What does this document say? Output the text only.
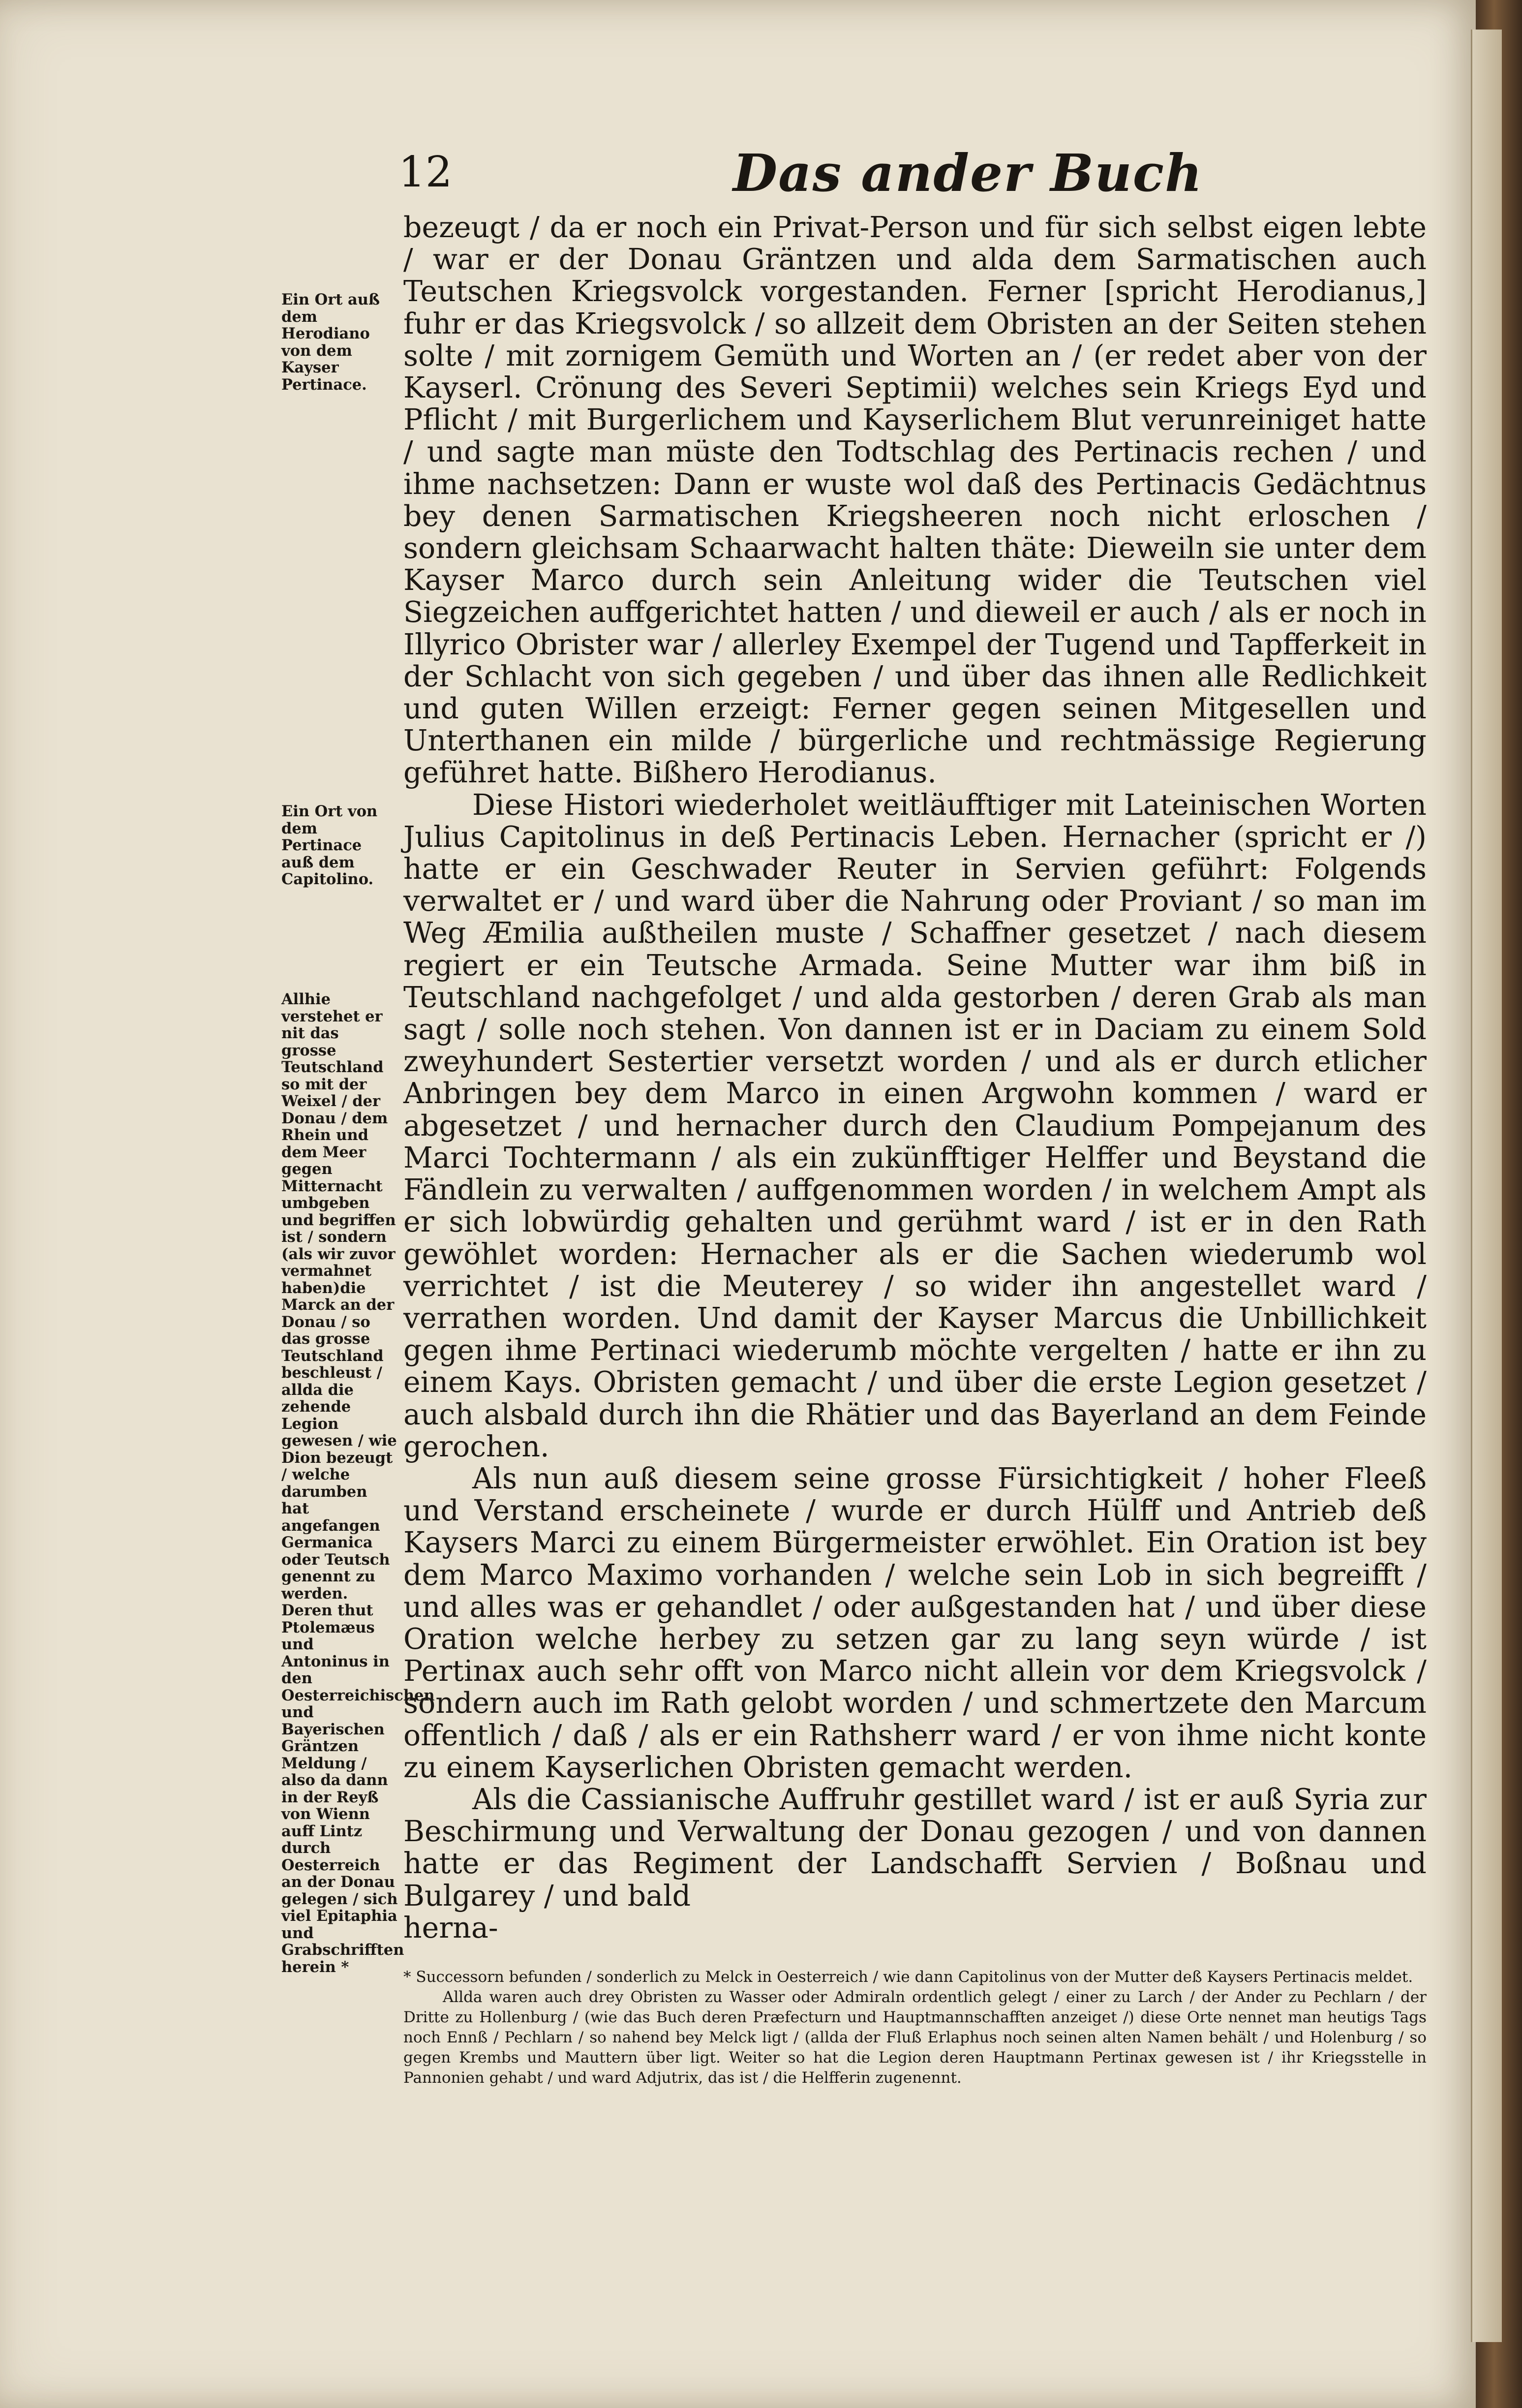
12	Das ander Buch
Ein Ort auß dem Herodiano von dem Kayser Pertinace.
Ein Ort von dem Pertinace auß dem Capitolino.
Allhie verstehet er nit das grosse Teutschland so mit der Weixel / der Donau / dem Rhein und dem Meer gegen Mitternacht umbgeben und begriffen ist / sondern (als wir zuvor vermahnet haben)die Marck an der Donau / so das grosse Teutschland beschleust / allda die zehende Legion gewesen / wie Dion bezeugt / welche darumben hat angefangen Germanica oder Teutsch genennt zu werden. Deren thut Ptolemæus und Antoninus in den Oesterreichischen und Bayerischen Gräntzen Meldung / also da dann in der Reyß von Wienn auff Lintz durch Oesterreich an der Donau gelegen / sich viel Epitaphia und Grabschrifften herein *

bezeugt / da er noch ein Privat-Person und für sich selbst eigen lebte / war er der Donau Gräntzen und alda dem Sarmatischen auch Teutschen Kriegsvolck vorgestanden. Ferner [spricht Herodianus,] fuhr er das Kriegsvolck / so allzeit dem Obristen an der Seiten stehen solte / mit zornigem Gemüth und Worten an / (er redet aber von der Kayserl. Crönung des Severi Septimii) welches sein Kriegs Eyd und Pflicht / mit Burgerlichem und Kayserlichem Blut verunreiniget hatte / und sagte man müste den Todtschlag des Pertinacis rechen / und ihme nachsetzen: Dann er wuste wol daß des Pertinacis Gedächtnus bey denen Sarmatischen Kriegsheeren noch nicht erloschen / sondern gleichsam Schaarwacht halten thäte: Dieweiln sie unter dem Kayser Marco durch sein Anleitung wider die Teutschen viel Siegzeichen auffgerichtet hatten / und dieweil er auch / als er noch in Illyrico Obrister war / allerley Exempel der Tugend und Tapfferkeit in der Schlacht von sich gegeben / und über das ihnen alle Redlichkeit und guten Willen erzeigt: Ferner gegen seinen Mitgesellen und Unterthanen ein milde / bürgerliche und rechtmässige Regierung geführet hatte. Bißhero Herodianus.

Diese Histori wiederholet weitläufftiger mit Lateinischen Worten Julius Capitolinus in deß Pertinacis Leben. Hernacher (spricht er /) hatte er ein Geschwader Reuter in Servien geführt: Folgends verwaltet er / und ward über die Nahrung oder Proviant / so man im Weg Æmilia außtheilen muste / Schaffner gesetzet / nach diesem regiert er ein Teutsche Armada. Seine Mutter war ihm biß in Teutschland nachgefolget / und alda gestorben / deren Grab als man sagt / solle noch stehen. Von dannen ist er in Daciam zu einem Sold zweyhundert Sestertier versetzt worden / und als er durch etlicher Anbringen bey dem Marco in einen Argwohn kommen / ward er abgesetzet / und hernacher durch den Claudium Pompejanum des Marci Tochtermann / als ein zukünfftiger Helffer und Beystand die Fändlein zu verwalten / auffgenommen worden / in welchem Ampt als er sich lobwürdig gehalten und gerühmt ward / ist er in den Rath gewöhlet worden: Hernacher als er die Sachen wiederumb wol verrichtet / ist die Meuterey / so wider ihn angestellet ward / verrathen worden. Und damit der Kayser Marcus die Unbillichkeit gegen ihme Pertinaci wiederumb möchte vergelten / hatte er ihn zu einem Kays. Obristen gemacht / und über die erste Legion gesetzet / auch alsbald durch ihn die Rhätier und das Bayerland an dem Feinde gerochen.

Als nun auß diesem seine grosse Fürsichtigkeit / hoher Fleeß und Verstand erscheinete / wurde er durch Hülff und Antrieb deß Kaysers Marci zu einem Bürgermeister erwöhlet. Ein Oration ist bey dem Marco Maximo vorhanden / welche sein Lob in sich begreifft / und alles was er gehandlet / oder außgestanden hat / und über diese Oration welche herbey zu setzen gar zu lang seyn würde / ist Pertinax auch sehr offt von Marco nicht allein vor dem Kriegsvolck / sondern auch im Rath gelobt worden / und schmertzete den Marcum offentlich / daß / als er ein Rathsherr ward / er von ihme nicht konte zu einem Kayserlichen Obristen gemacht werden.

Als die Cassianische Auffruhr gestillet ward / ist er auß Syria zur Beschirmung und Verwaltung der Donau gezogen / und von dannen hatte er das Regiment der Landschafft Servien / Boßnau und Bulgarey / und bald

herna-

* Successorn befunden / sonderlich zu Melck in Oesterreich / wie dann Capitolinus von der Mutter deß Kaysers Pertinacis meldet.

Allda waren auch drey Obristen zu Wasser oder Admiraln ordentlich gelegt / einer zu Larch / der Ander zu Pechlarn / der Dritte zu Hollenburg / (wie das Buch deren Præfecturn und Hauptmannschafften anzeiget /) diese Orte nennet man heutigs Tags noch Ennß / Pechlarn / so nahend bey Melck ligt / (allda der Fluß Erlaphus noch seinen alten Namen behält / und Holenburg / so gegen Krembs und Mauttern über ligt. Weiter so hat die Legion deren Hauptmann Pertinax gewesen ist / ihr Kriegsstelle in Pannonien gehabt / und ward Adjutrix, das ist / die Helfferin zugenennt.
